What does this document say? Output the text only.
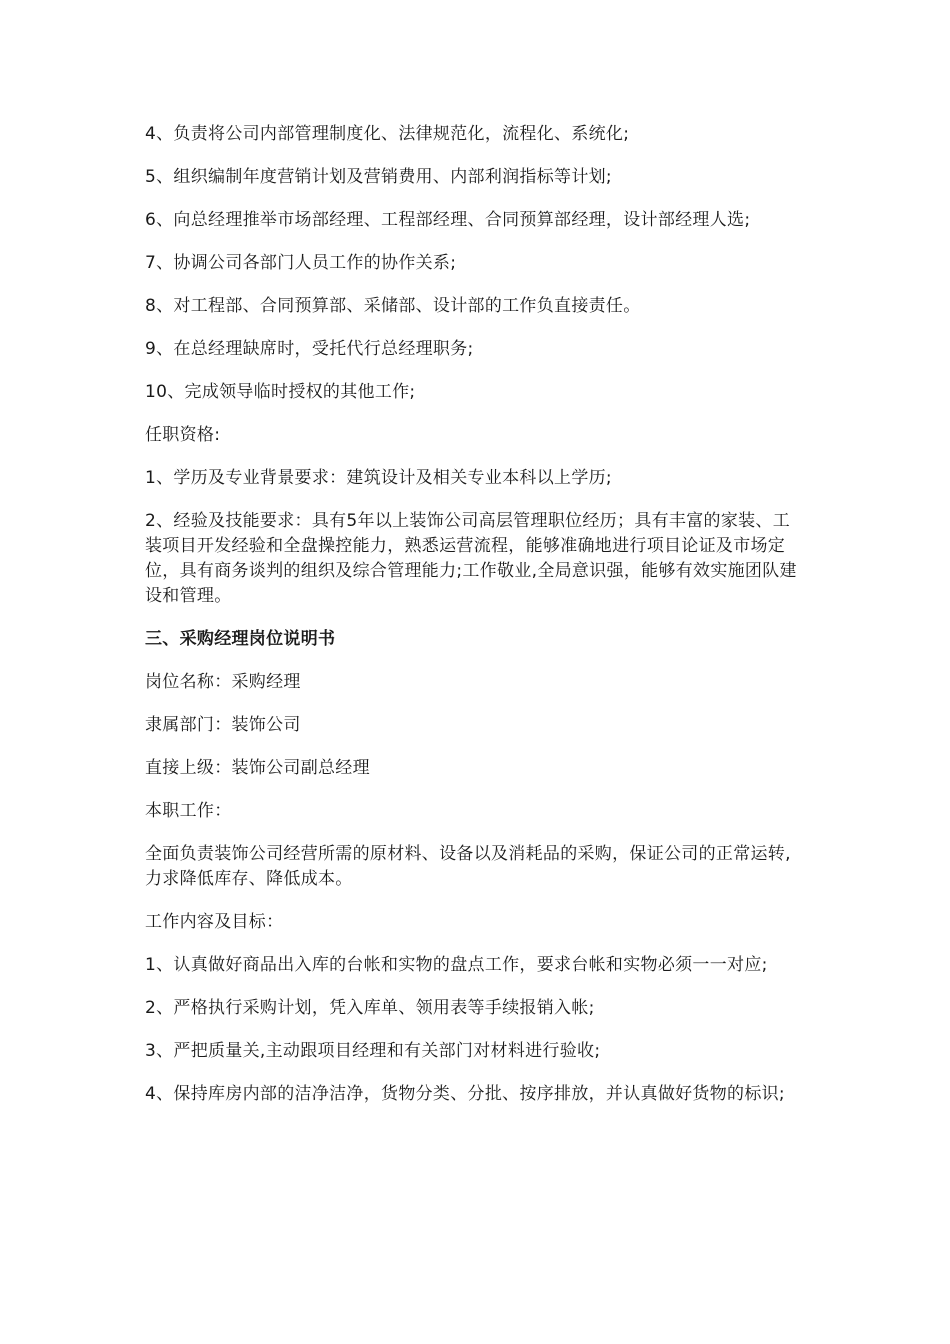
4、负责将公司内部管理制度化、法律规范化，流程化、系统化;

5、组织编制年度营销计划及营销费用、内部利润指标等计划;

6、向总经理推举市场部经理、工程部经理、合同预算部经理，设计部经理人选;

7、协调公司各部门人员工作的协作关系;

8、对工程部、合同预算部、采储部、设计部的工作负直接责任。

9、在总经理缺席时，受托代行总经理职务;

10、完成领导临时授权的其他工作;

任职资格:

1、学历及专业背景要求：建筑设计及相关专业本科以上学历;

2、经验及技能要求：具有5年以上装饰公司高层管理职位经历；具有丰富的家装、工装项目开发经验和全盘操控能力，熟悉运营流程，能够准确地进行项目论证及市场定位，具有商务谈判的组织及综合管理能力;工作敬业,全局意识强，能够有效实施团队建设和管理。

三、采购经理岗位说明书

岗位名称：采购经理

隶属部门：装饰公司

直接上级：装饰公司副总经理

本职工作：

全面负责装饰公司经营所需的原材料、设备以及消耗品的采购，保证公司的正常运转,力求降低库存、降低成本。

工作内容及目标：

1、认真做好商品出入库的台帐和实物的盘点工作，要求台帐和实物必须一一对应;

2、严格执行采购计划，凭入库单、领用表等手续报销入帐;

3、严把质量关,主动跟项目经理和有关部门对材料进行验收;

4、保持库房内部的洁净洁净，货物分类、分批、按序排放，并认真做好货物的标识;
